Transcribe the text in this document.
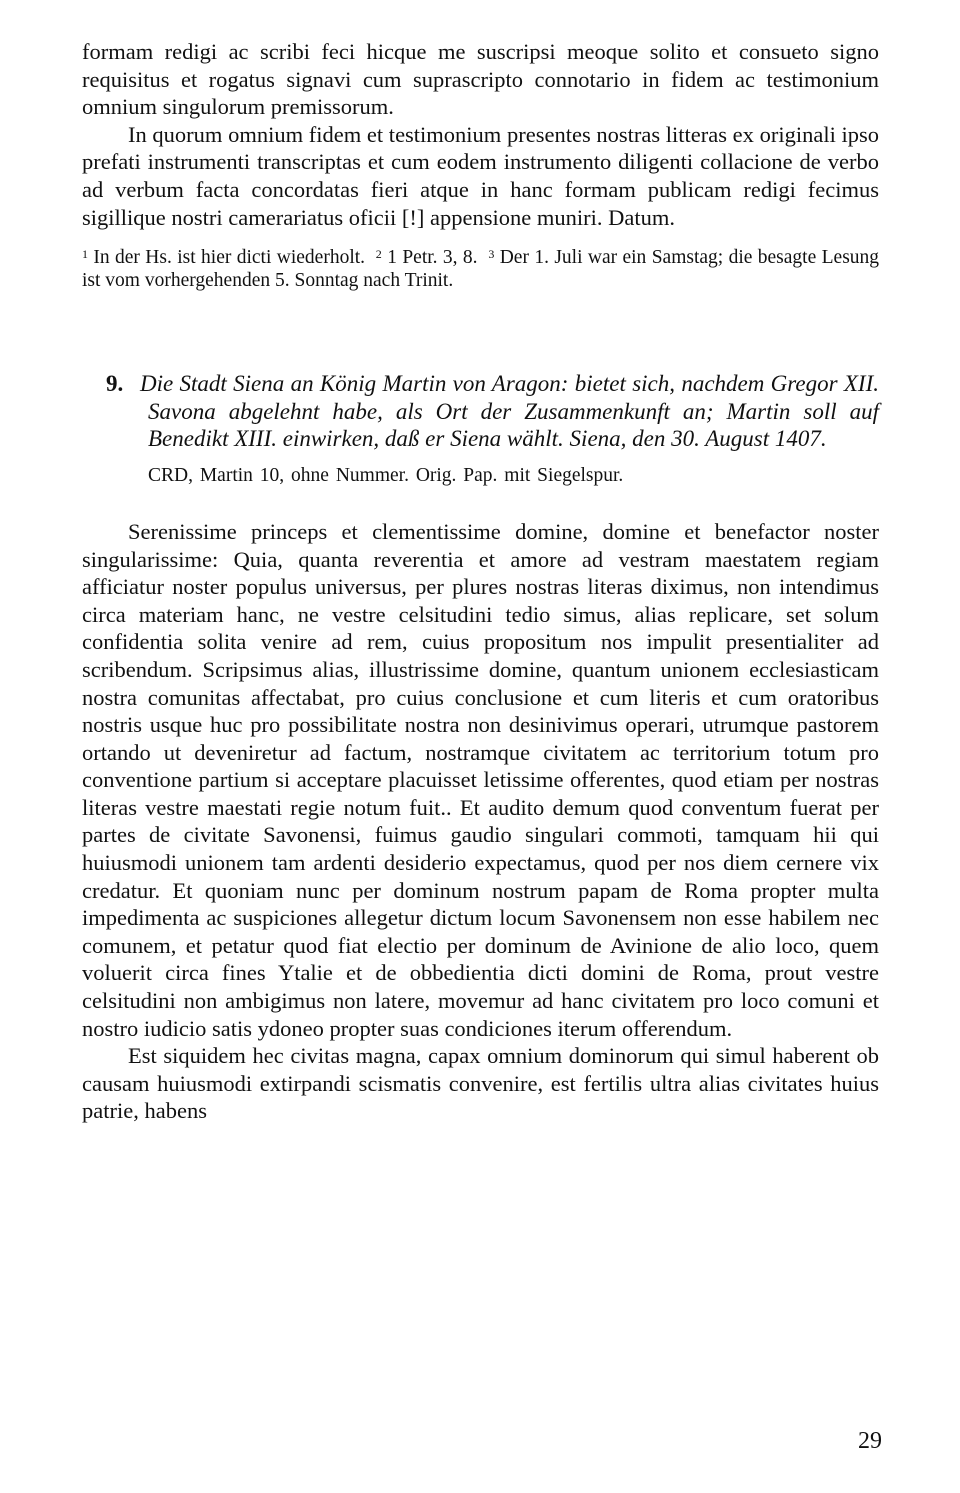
formam redigi ac scribi feci hicque me suscripsi meoque solito et consueto signo requisitus et rogatus signavi cum suprascripto connotario in fidem ac testimonium omnium singulorum premissorum.

In quorum omnium fidem et testimonium presentes nostras litteras ex originali ipso prefati instrumenti transcriptas et cum eodem instrumento diligenti collacione de verbo ad verbum facta concordatas fieri atque in hanc formam publicam redigi fecimus sigillique nostri camerariatus oficii [!] appensione muniri. Datum.

$^1$ In der Hs. ist hier dicti wiederholt. $^2$ 1 Petr. 3, 8. $^3$ Der 1. Juli war ein Samstag; die besagte Lesung ist vom vorhergehenden 5. Sonntag nach Trinit.

9. Die Stadt Siena an König Martin von Aragon: bietet sich, nachdem Gregor XII. Savona abgelehnt habe, als Ort der Zusammenkunft an; Martin soll auf Benedikt XIII. einwirken, daß er Siena wählt. Siena, den 30. August 1407.

CRD, Martin 10, ohne Nummer. Orig. Pap. mit Siegelspur.

Serenissime princeps et clementissime domine, domine et benefactor noster singularissime: Quia, quanta reverentia et amore ad vestram maestatem regiam afficiatur noster populus universus, per plures nostras literas diximus, non intendimus circa materiam hanc, ne vestre celsitudini tedio simus, alias replicare, set solum confidentia solita venire ad rem, cuius propositum nos impulit presentialiter ad scribendum. Scripsimus alias, illustrissime domine, quantum unionem ecclesiasticam nostra comunitas affectabat, pro cuius conclusione et cum literis et cum oratoribus nostris usque huc pro possibilitate nostra non desinivimus operari, utrumque pastorem ortando ut deveniretur ad factum, nostramque civitatem ac territorium totum pro conventione partium si acceptare placuisset letissime offerentes, quod etiam per nostras literas vestre maestati regie notum fuit.. Et audito demum quod conventum fuerat per partes de civitate Savonensi, fuimus gaudio singulari commoti, tamquam hii qui huiusmodi unionem tam ardenti desiderio expectamus, quod per nos diem cernere vix credatur. Et quoniam nunc per dominum nostrum papam de Roma propter multa impedimenta ac suspiciones allegetur dictum locum Savonensem non esse habilem nec comunem, et petatur quod fiat electio per dominum de Avinione de alio loco, quem voluerit circa fines Ytalie et de obbedientia dicti domini de Roma, prout vestre celsitudini non ambigimus non latere, movemur ad hanc civitatem pro loco comuni et nostro iudicio satis ydoneo propter suas condiciones iterum offerendum.

Est siquidem hec civitas magna, capax omnium dominorum qui simul haberent ob causam huiusmodi extirpandi scismatis convenire, est fertilis ultra alias civitates huius patrie, habens

29
